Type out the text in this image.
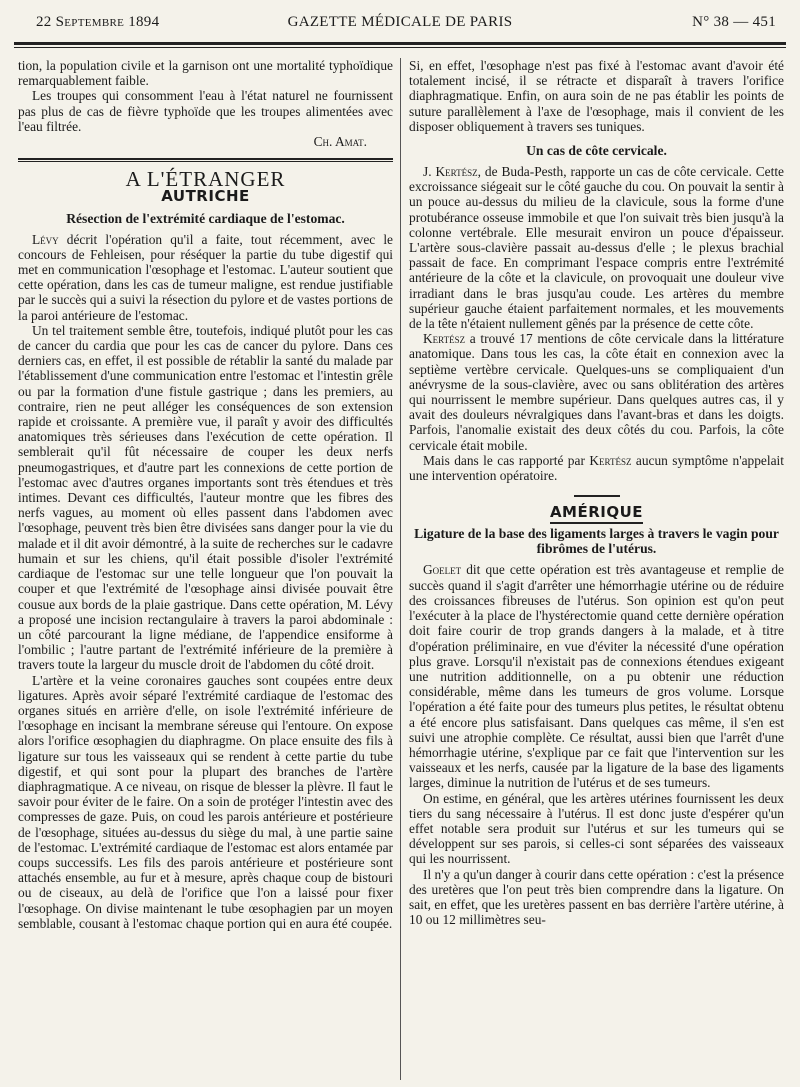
22 Septembre 1894	GAZETTE MÉDICALE DE PARIS	N° 38 — 451

tion, la population civile et la garnison ont une mortalité typhoïdique remarquablement faible.

Les troupes qui consomment l'eau à l'état naturel ne fournissent pas plus de cas de fièvre typhoïde que les troupes alimentées avec l'eau filtrée.

Ch. Amat.
A L'ÉTRANGER
AUTRICHE
Résection de l'extrémité cardiaque de l'estomac.

Lévy décrit l'opération qu'il a faite, tout récemment, avec le concours de Fehleisen, pour réséquer la partie du tube digestif qui met en communication l'œsophage et l'estomac. L'auteur soutient que cette opération, dans les cas de tumeur maligne, est rendue justifiable par le succès qui a suivi la résection du pylore et de vastes portions de la paroi antérieure de l'estomac.

Un tel traitement semble être, toutefois, indiqué plutôt pour les cas de cancer du cardia que pour les cas de cancer du pylore. Dans ces derniers cas, en effet, il est possible de rétablir la santé du malade par l'établissement d'une communication entre l'estomac et l'intestin grêle ou par la formation d'une fistule gastrique ; dans les premiers, au contraire, rien ne peut alléger les conséquences de son extension rapide et croissante. A première vue, il paraît y avoir des difficultés anatomiques très sérieuses dans l'exécution de cette opération. Il semblerait qu'il fût nécessaire de couper les deux nerfs pneumogastriques, et d'autre part les connexions de cette portion de l'estomac avec d'autres organes importants sont très étendues et très intimes. Devant ces difficultés, l'auteur montre que les fibres des nerfs vagues, au moment où elles passent dans l'abdomen avec l'œsophage, peuvent très bien être divisées sans danger pour la vie du malade et il dit avoir démontré, à la suite de recherches sur le cadavre humain et sur les chiens, qu'il était possible d'isoler l'extrémité cardiaque de l'estomac sur une telle longueur que l'on pouvait la couper et que l'extrémité de l'œsophage ainsi divisée pouvait être cousue aux bords de la plaie gastrique. Dans cette opération, M. Lévy a proposé une incision rectangulaire à travers la paroi abdominale : un côté parcourant la ligne médiane, de l'appendice ensiforme à l'ombilic ; l'autre partant de l'extrémité inférieure de la première à travers toute la largeur du muscle droit de l'abdomen du côté droit.

L'artère et la veine coronaires gauches sont coupées entre deux ligatures. Après avoir séparé l'extrémité cardiaque de l'estomac des organes situés en arrière d'elle, on isole l'extrémité inférieure de l'œsophage en incisant la membrane séreuse qui l'entoure. On expose alors l'orifice œsophagien du diaphragme. On place ensuite des fils à ligature sur tous les vaisseaux qui se rendent à cette partie du tube digestif, et qui sont pour la plupart des branches de l'artère diaphragmatique. A ce niveau, on risque de blesser la plèvre. Il faut le savoir pour éviter de le faire. On a soin de protéger l'intestin avec des compresses de gaze. Puis, on coud les parois antérieure et postérieure de l'œsophage, situées au-dessus du siège du mal, à une partie saine de l'estomac. L'extrémité cardiaque de l'estomac est alors entamée par coups successifs. Les fils des parois antérieure et postérieure sont attachés ensemble, au fur et à mesure, après chaque coup de bistouri ou de ciseaux, au delà de l'orifice que l'on a laissé pour fixer l'œsophage. On divise maintenant le tube œsophagien par un moyen semblable, cousant à l'estomac chaque portion qui en aura été coupée.

Si, en effet, l'œsophage n'est pas fixé à l'estomac avant d'avoir été totalement incisé, il se rétracte et disparaît à travers l'orifice diaphragmatique. Enfin, on aura soin de ne pas établir les points de suture parallèlement à l'axe de l'œsophage, mais il convient de les disposer obliquement à travers ses tuniques.

Un cas de côte cervicale.

J. Kertész, de Buda-Pesth, rapporte un cas de côte cervicale. Cette excroissance siégeait sur le côté gauche du cou. On pouvait la sentir à un pouce au-dessus du milieu de la clavicule, sous la forme d'une protubérance osseuse immobile et que l'on suivait très bien jusqu'à la colonne vertébrale. Elle mesurait environ un pouce d'épaisseur. L'artère sous-clavière passait au-dessus d'elle ; le plexus brachial passait de face. En comprimant l'espace compris entre l'extrémité antérieure de la côte et la clavicule, on provoquait une douleur vive irradiant dans le bras jusqu'au coude. Les artères du membre supérieur gauche étaient parfaitement normales, et les mouvements de la tête n'étaient nullement gênés par la présence de cette côte.

Kertész a trouvé 17 mentions de côte cervicale dans la littérature anatomique. Dans tous les cas, la côte était en connexion avec la septième vertèbre cervicale. Quelques-uns se compliquaient d'un anévrysme de la sous-clavière, avec ou sans oblitération des artères qui nourrissent le membre supérieur. Dans quelques autres cas, il y avait des douleurs névralgiques dans l'avant-bras et dans les doigts. Parfois, l'anomalie existait des deux côtés du cou. Parfois, la côte cervicale était mobile.

Mais dans le cas rapporté par Kertész aucun symptôme n'appelait une intervention opératoire.

AMÉRIQUE
Ligature de la base des ligaments larges à travers le vagin pour fibrômes de l'utérus.

Goelet dit que cette opération est très avantageuse et remplie de succès quand il s'agit d'arrêter une hémorrhagie utérine ou de réduire des croissances fibreuses de l'utérus. Son opinion est qu'on peut l'exécuter à la place de l'hystérectomie quand cette dernière opération doit faire courir de trop grands dangers à la malade, et à titre d'opération préliminaire, en vue d'éviter la nécessité d'une opération plus grave. Lorsqu'il n'existait pas de connexions étendues exigeant une nutrition additionnelle, on a pu obtenir une réduction considérable, même dans les tumeurs de gros volume. Lorsque l'opération a été faite pour des tumeurs plus petites, le résultat obtenu a été encore plus satisfaisant. Dans quelques cas même, il s'en est suivi une atrophie complète. Ce résultat, aussi bien que l'arrêt d'une hémorrhagie utérine, s'explique par ce fait que l'intervention sur les vaisseaux et les nerfs, causée par la ligature de la base des ligaments larges, diminue la nutrition de l'utérus et de ses tumeurs.

On estime, en général, que les artères utérines fournissent les deux tiers du sang nécessaire à l'utérus. Il est donc juste d'espérer qu'un effet notable sera produit sur l'utérus et sur les tumeurs qui se développent sur ses parois, si celles-ci sont séparées des vaisseaux qui les nourrissent.

Il n'y a qu'un danger à courir dans cette opération : c'est la présence des uretères que l'on peut très bien comprendre dans la ligature. On sait, en effet, que les uretères passent en bas derrière l'artère utérine, à 10 ou 12 millimètres seu-
